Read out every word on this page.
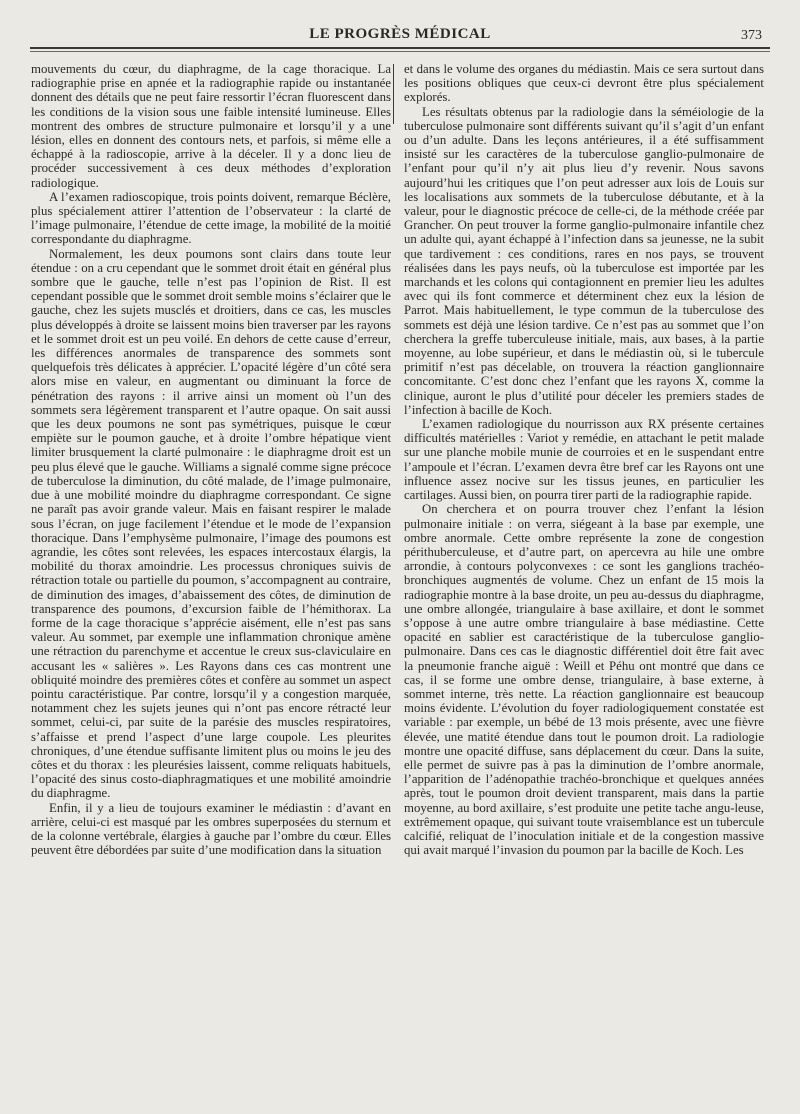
LE PROGRÈS MÉDICAL	373

mouvements du cœur, du diaphragme, de la cage thoracique. La radiographie prise en apnée et la radiographie rapide ou instantanée donnent des détails que ne peut faire ressortir l’écran fluorescent dans les conditions de la vision sous une faible intensité lumineuse. Elles montrent des ombres de structure pulmonaire et lorsqu’il y a une lésion, elles en donnent des contours nets, et parfois, si même elle a échappé à la radioscopie, arrive à la déceler. Il y a donc lieu de procéder successivement à ces deux méthodes d’exploration radiologique.

A l’examen radioscopique, trois points doivent, remarque Béclère, plus spécialement attirer l’attention de l’observateur : la clarté de l’image pulmonaire, l’étendue de cette image, la mobilité de la moitié correspondante du diaphragme.

Normalement, les deux poumons sont clairs dans toute leur étendue : on a cru cependant que le sommet droit était en général plus sombre que le gauche, telle n’est pas l’opinion de Rist. Il est cependant possible que le sommet droit semble moins s’éclairer que le gauche, chez les sujets musclés et droitiers, dans ce cas, les muscles plus développés à droite se laissent moins bien traverser par les rayons et le sommet droit est un peu voilé. En dehors de cette cause d’erreur, les différences anormales de transparence des sommets sont quelquefois très délicates à apprécier. L’opacité légère d’un côté sera alors mise en valeur, en augmentant ou diminuant la force de pénétration des rayons : il arrive ainsi un moment où l’un des sommets sera légèrement transparent et l’autre opaque. On sait aussi que les deux poumons ne sont pas symétriques, puisque le cœur empiète sur le poumon gauche, et à droite l’ombre hépatique vient limiter brusquement la clarté pulmonaire : le diaphragme droit est un peu plus élevé que le gauche. Williams a signalé comme signe précoce de tuberculose la diminution, du côté malade, de l’image pulmonaire, due à une mobilité moindre du diaphragme correspondant. Ce signe ne paraît pas avoir grande valeur. Mais en faisant respirer le malade sous l’écran, on juge facilement l’étendue et le mode de l’expansion thoracique. Dans l’emphysème pulmonaire, l’image des poumons est agrandie, les côtes sont relevées, les espaces intercostaux élargis, la mobilité du thorax amoindrie. Les processus chroniques suivis de rétraction totale ou partielle du poumon, s’accompagnent au contraire, de diminution des images, d’abaissement des côtes, de diminution de transparence des poumons, d’excursion faible de l’hémithorax. La forme de la cage thoracique s’apprécie aisément, elle n’est pas sans valeur. Au sommet, par exemple une inflammation chronique amène une rétraction du parenchyme et accentue le creux sus-claviculaire en accusant les « salières ». Les Rayons dans ces cas montrent une obliquité moindre des premières côtes et confère au sommet un aspect pointu caractéristique. Par contre, lorsqu’il y a congestion marquée, notamment chez les sujets jeunes qui n’ont pas encore rétracté leur sommet, celui-ci, par suite de la parésie des muscles respiratoires, s’affaisse et prend l’aspect d’une large coupole. Les pleurites chroniques, d’une étendue suffisante limitent plus ou moins le jeu des côtes et du thorax : les pleurésies laissent, comme reliquats habituels, l’opacité des sinus costo-diaphragmatiques et une mobilité amoindrie du diaphragme.

Enfin, il y a lieu de toujours examiner le médiastin : d’avant en arrière, celui-ci est masqué par les ombres superposées du sternum et de la colonne vertébrale, élargies à gauche par l’ombre du cœur. Elles peuvent être débordées par suite d’une modification dans la situation

et dans le volume des organes du médiastin. Mais ce sera surtout dans les positions obliques que ceux-ci devront être plus spécialement explorés.

Les résultats obtenus par la radiologie dans la séméiologie de la tuberculose pulmonaire sont différents suivant qu’il s’agit d’un enfant ou d’un adulte. Dans les leçons antérieures, il a été suffisamment insisté sur les caractères de la tuberculose ganglio-pulmonaire de l’enfant pour qu’il n’y ait plus lieu d’y revenir. Nous savons aujourd’hui les critiques que l’on peut adresser aux lois de Louis sur les localisations aux sommets de la tuberculose débutante, et à la valeur, pour le diagnostic précoce de celle-ci, de la méthode créée par Grancher. On peut trouver la forme ganglio-pulmonaire infantile chez un adulte qui, ayant échappé à l’infection dans sa jeunesse, ne la subit que tardivement : ces conditions, rares en nos pays, se trouvent réalisées dans les pays neufs, où la tuberculose est importée par les marchands et les colons qui contagionnent en premier lieu les adultes avec qui ils font commerce et déterminent chez eux la lésion de Parrot. Mais habituellement, le type commun de la tuberculose des sommets est déjà une lésion tardive. Ce n’est pas au sommet que l’on cherchera la greffe tuberculeuse initiale, mais, aux bases, à la partie moyenne, au lobe supérieur, et dans le médiastin où, si le tubercule primitif n’est pas décelable, on trouvera la réaction ganglionnaire concomitante. C’est donc chez l’enfant que les rayons X, comme la clinique, auront le plus d’utilité pour déceler les premiers stades de l’infection à bacille de Koch.

L’examen radiologique du nourrisson aux RX présente certaines difficultés matérielles : Variot y remédie, en attachant le petit malade sur une planche mobile munie de courroies et en le suspendant entre l’ampoule et l’écran. L’examen devra être bref car les Rayons ont une influence assez nocive sur les tissus jeunes, en particulier les cartilages. Aussi bien, on pourra tirer parti de la radiographie rapide.

On cherchera et on pourra trouver chez l’enfant la lésion pulmonaire initiale : on verra, siégeant à la base par exemple, une ombre anormale. Cette ombre représente la zone de congestion périthuberculeuse, et d’autre part, on apercevra au hile une ombre arrondie, à contours polyconvexes : ce sont les ganglions trachéo-bronchiques augmentés de volume. Chez un enfant de 15 mois la radiographie montre à la base droite, un peu au-dessus du diaphragme, une ombre allongée, triangulaire à base axillaire, et dont le sommet s’oppose à une autre ombre triangulaire à base médiastine. Cette opacité en sablier est caractéristique de la tuberculose ganglio-pulmonaire. Dans ces cas le diagnostic différentiel doit être fait avec la pneumonie franche aiguë : Weill et Péhu ont montré que dans ce cas, il se forme une ombre dense, triangulaire, à base externe, à sommet interne, très nette. La réaction ganglionnaire est beaucoup moins évidente. L’évolution du foyer radiologiquement constatée est variable : par exemple, un bébé de 13 mois présente, avec une fièvre élevée, une matité étendue dans tout le poumon droit. La radiologie montre une opacité diffuse, sans déplacement du cœur. Dans la suite, elle permet de suivre pas à pas la diminution de l’ombre anormale, l’apparition de l’adénopathie trachéo-bronchique et quelques années après, tout le poumon droit devient transparent, mais dans la partie moyenne, au bord axillaire, s’est produite une petite tache angu-leuse, extrêmement opaque, qui suivant toute vraisemblance est un tubercule calcifié, reliquat de l’inoculation initiale et de la congestion massive qui avait marqué l’invasion du poumon par la bacille de Koch. Les
